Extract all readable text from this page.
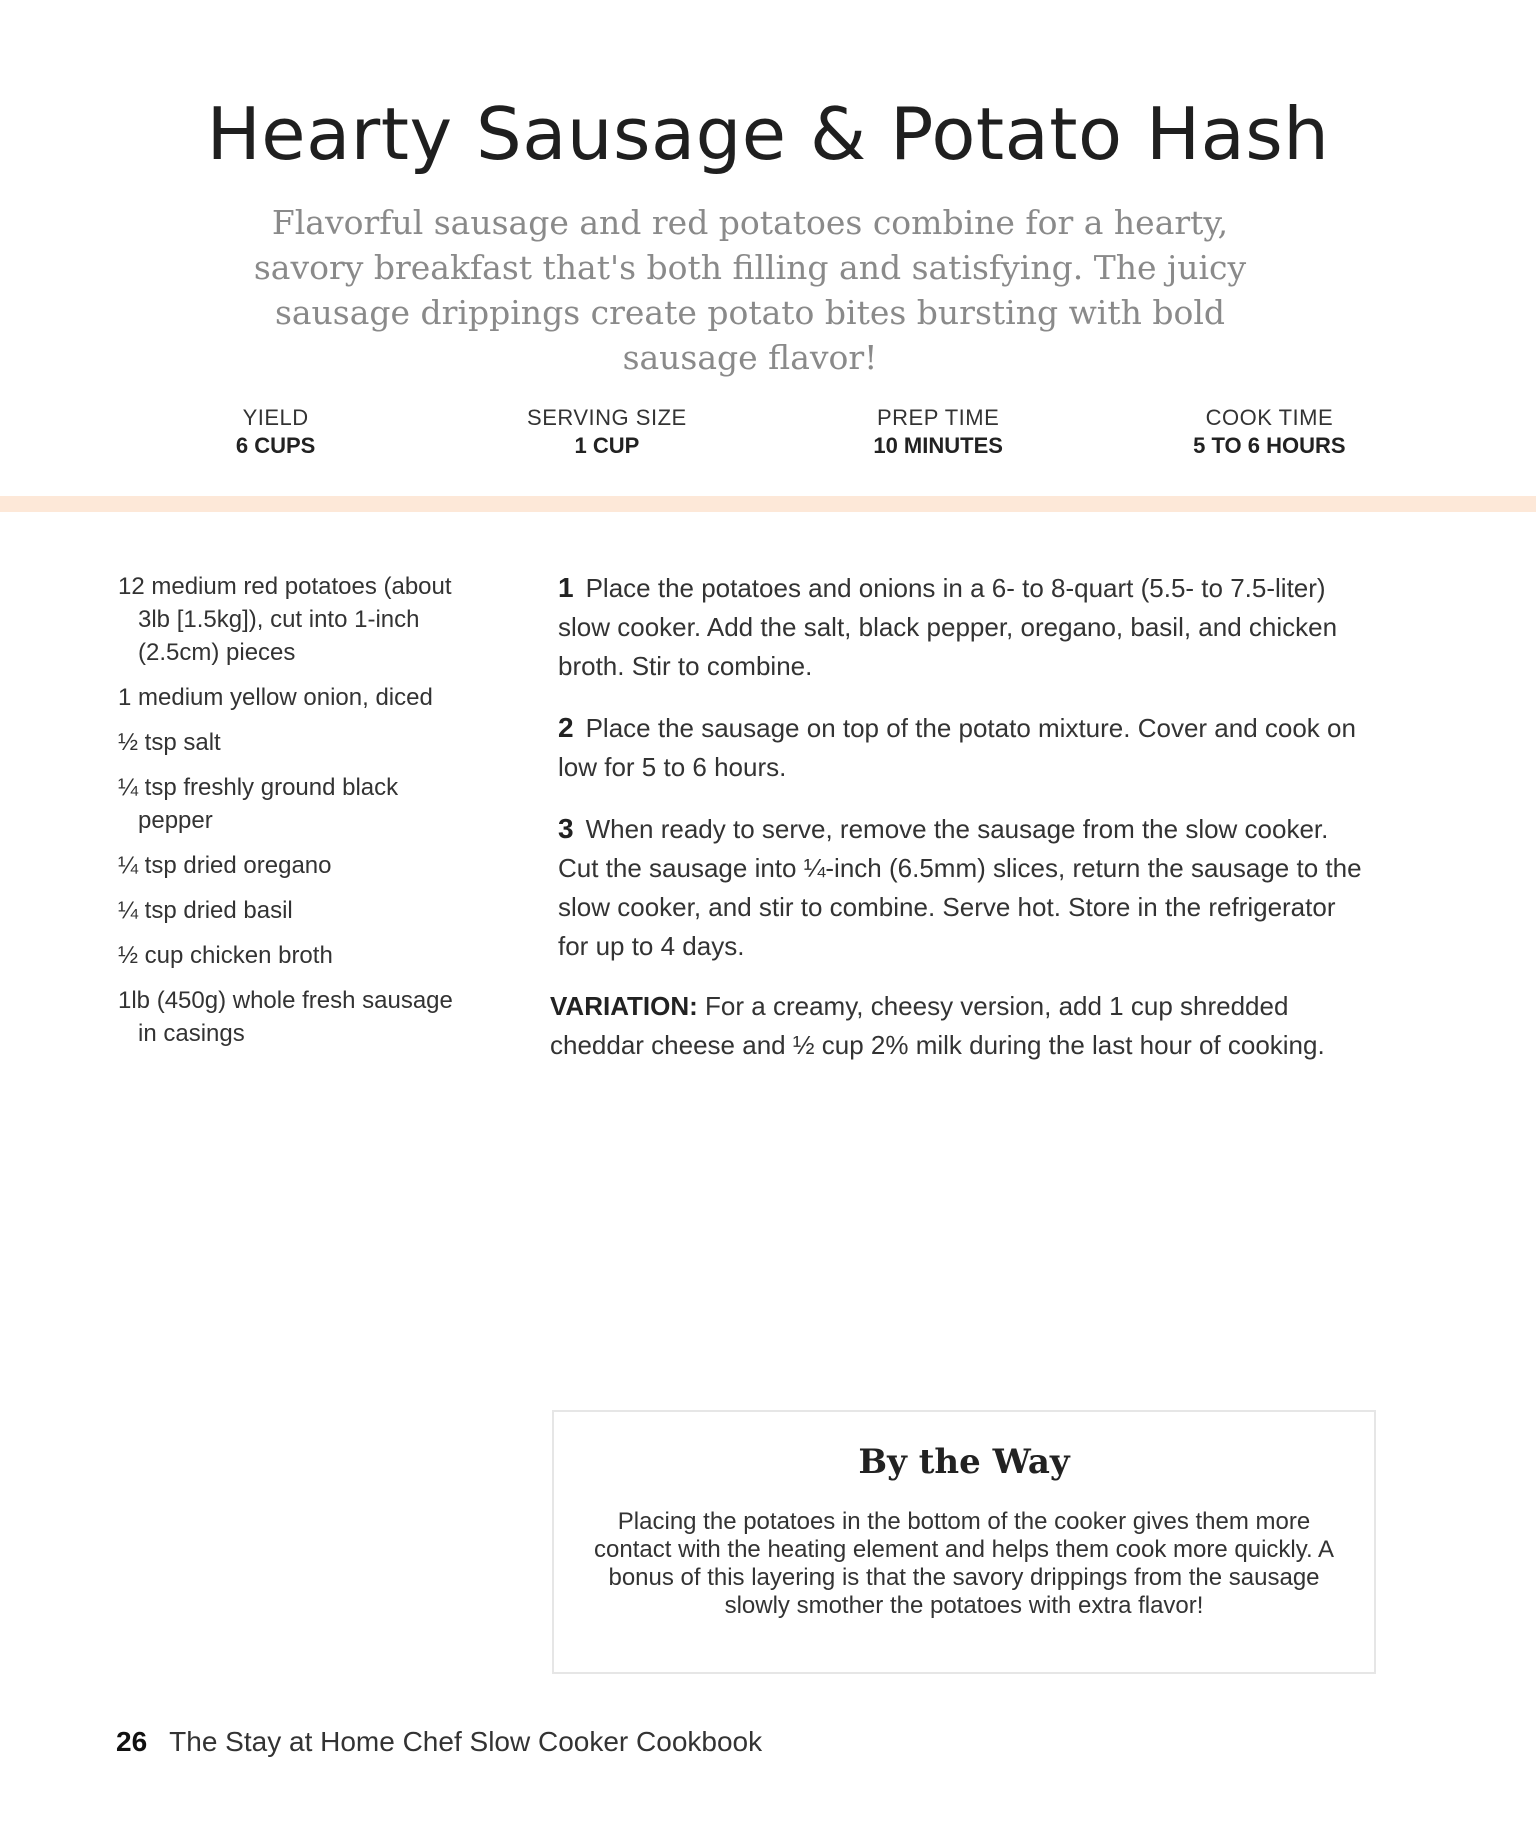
Hearty Sausage & Potato Hash

Flavorful sausage and red potatoes combine for a hearty, savory breakfast that's both filling and satisfying. The juicy sausage drippings create potato bites bursting with bold sausage flavor!

YIELD
6 CUPS
SERVING SIZE
1 CUP
PREP TIME
10 MINUTES
COOK TIME
5 TO 6 HOURS
12 medium red potatoes (about 3lb [1.5kg]), cut into 1-inch (2.5cm) pieces
1 medium yellow onion, diced
½ tsp salt
¼ tsp freshly ground black pepper
¼ tsp dried oregano
¼ tsp dried basil
½ cup chicken broth
1lb (450g) whole fresh sausage in casings
1 Place the potatoes and onions in a 6- to 8-quart (5.5- to 7.5-liter) slow cooker. Add the salt, black pepper, oregano, basil, and chicken broth. Stir to combine.
2 Place the sausage on top of the potato mixture. Cover and cook on low for 5 to 6 hours.
3 When ready to serve, remove the sausage from the slow cooker. Cut the sausage into ¼-inch (6.5mm) slices, return the sausage to the slow cooker, and stir to combine. Serve hot. Store in the refrigerator for up to 4 days.
VARIATION: For a creamy, cheesy version, add 1 cup shredded cheddar cheese and ½ cup 2% milk during the last hour of cooking.
By the Way
Placing the potatoes in the bottom of the cooker gives them more contact with the heating element and helps them cook more quickly. A bonus of this layering is that the savory drippings from the sausage slowly smother the potatoes with extra flavor!
26 The Stay at Home Chef Slow Cooker Cookbook
